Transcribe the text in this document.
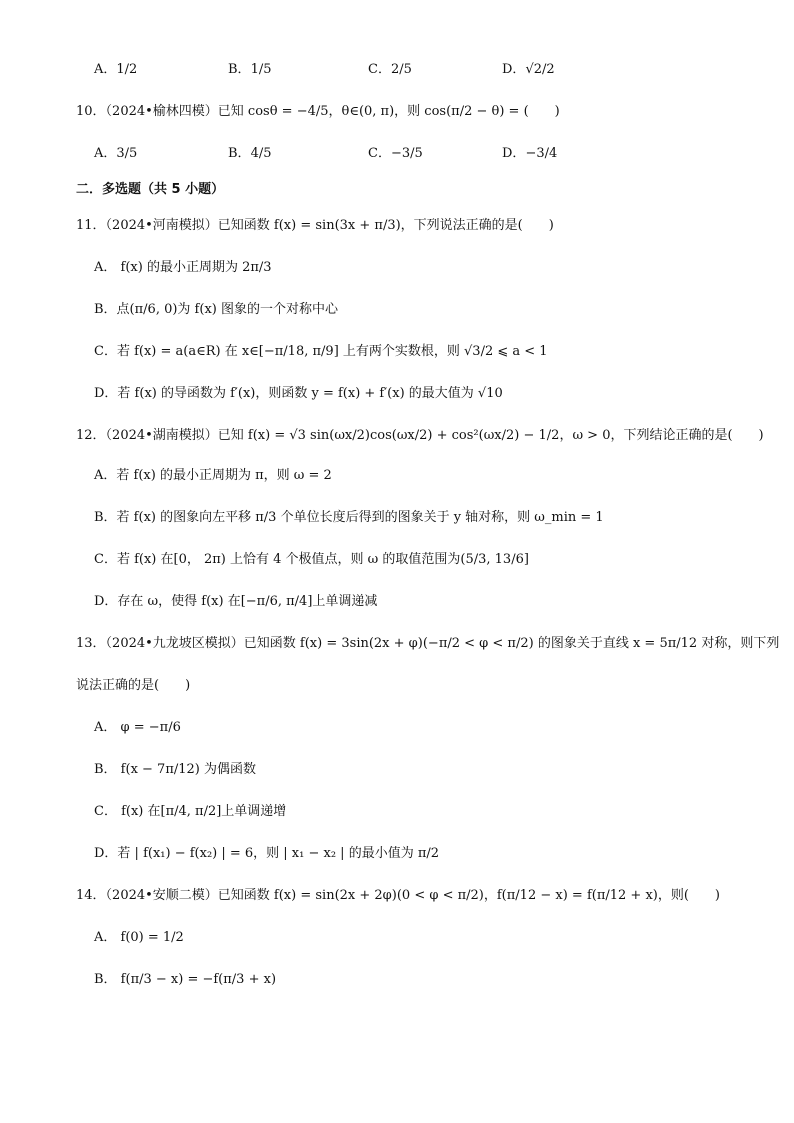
A．1/2	B．1/5	C．2/5	D．√2/2
10．（2024•榆林四模）已知 cosθ = −4/5，θ∈(0, π)，则 cos(π/2 − θ) = (　　)
A．3/5	B．4/5	C．−3/5	D．−3/4
二．多选题（共 5 小题）
11．（2024•河南模拟）已知函数 f(x) = sin(3x + π/3)，下列说法正确的是(　　)
A． f(x) 的最小正周期为 2π/3
B．点(π/6, 0)为 f(x) 图象的一个对称中心
C．若 f(x) = a(a∈R) 在 x∈[−π/18, π/9] 上有两个实数根，则 √3/2 ⩽ a < 1
D．若 f(x) 的导函数为 f′(x)，则函数 y = f(x) + f′(x) 的最大值为 √10
12．（2024•湖南模拟）已知 f(x) = √3 sin(ωx/2)cos(ωx/2) + cos²(ωx/2) − 1/2，ω > 0，下列结论正确的是(　　)
A．若 f(x) 的最小正周期为 π，则 ω = 2
B．若 f(x) 的图象向左平移 π/3 个单位长度后得到的图象关于 y 轴对称，则 ω_min = 1
C．若 f(x) 在[0， 2π) 上恰有 4 个极值点，则 ω 的取值范围为(5/3, 13/6]
D．存在 ω，使得 f(x) 在[−π/6, π/4]上单调递减
13．（2024•九龙坡区模拟）已知函数 f(x) = 3sin(2x + φ)(−π/2 < φ < π/2) 的图象关于直线 x = 5π/12 对称，则下列
说法正确的是(　　)
A． φ = −π/6
B． f(x − 7π/12) 为偶函数
C． f(x) 在[π/4, π/2]上单调递增
D．若 | f(x₁) − f(x₂) | = 6，则 | x₁ − x₂ | 的最小值为 π/2
14．（2024•安顺二模）已知函数 f(x) = sin(2x + 2φ)(0 < φ < π/2)，f(π/12 − x) = f(π/12 + x)，则(　　)
A． f(0) = 1/2
B． f(π/3 − x) = −f(π/3 + x)
